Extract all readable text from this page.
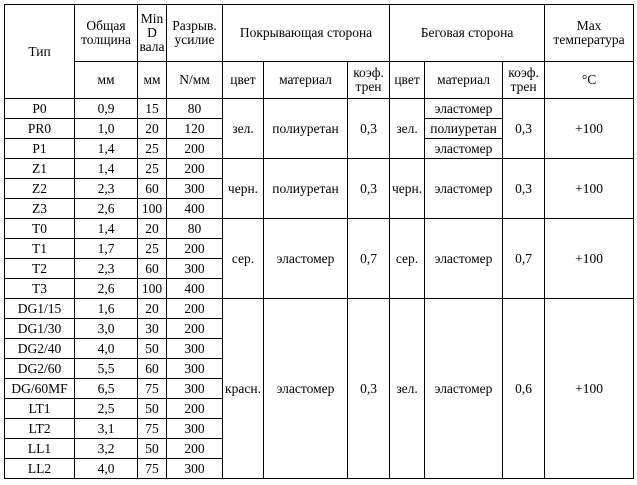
Тип	Общая толщина	Min D вала	Разрыв. усилие	Покрывающая сторона			Беговая сторона			Max температура
	мм	мм	N/мм	цвет	материал	коэф. трен	цвет	материал	коэф. трен	°С
P0	0,9	15	80	зел.	полиуретан	0,3	зел.	эластомер	0,3	+100
PR0	1,0	20	120					полиуретан		
P1	1,4	25	200					эластомер		
Z1	1,4	25	200	черн.	полиуретан	0,3	черн.	эластомер	0,3	+100
Z2	2,3	60	300							
Z3	2,6	100	400							
T0	1,4	20	80	сер.	эластомер	0,7	сер.	эластомер	0,7	+100
T1	1,7	25	200							
T2	2,3	60	300							
T3	2,6	100	400							
DG1/15	1,6	20	200	красн.	эластомер	0,3	зел.	эластомер	0,6	+100
DG1/30	3,0	30	200							
DG2/40	4,0	50	300							
DG2/60	5,5	60	300							
DG/60MF	6,5	75	300							
LT1	2,5	50	200							
LT2	3,1	75	300							
LL1	3,2	50	200							
LL2	4,0	75	300							
